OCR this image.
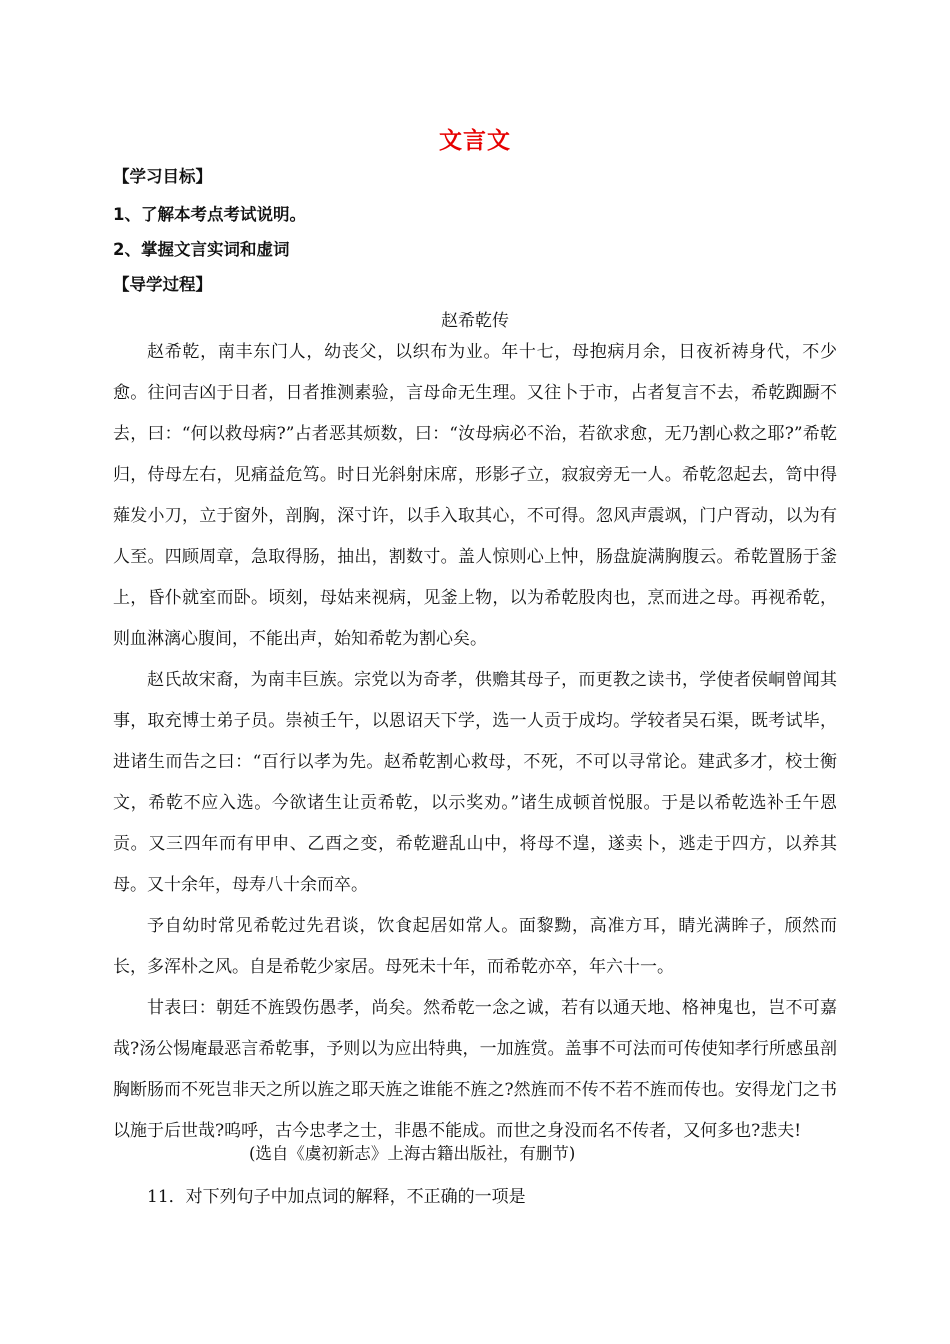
文言文
【学习目标】
1、了解本考点考试说明。
2、掌握文言实词和虚词
【导学过程】
赵希乾传

赵希乾，南丰东门人，幼丧父，以织布为业。年十七，母抱病月余，日夜祈祷身代，不少愈。往问吉凶于日者，日者推测素验，言母命无生理。又往卜于市，占者复言不去，希乾踟蹰不去，曰：“何以救母病?”占者恶其烦数，曰：“汝母病必不治，若欲求愈，无乃割心救之耶?”希乾归，侍母左右，见痛益危笃。时日光斜射床席，形影孑立，寂寂旁无一人。希乾忽起去，笥中得薙发小刀，立于窗外，剖胸，深寸许，以手入取其心，不可得。忽风声震飒，门户胥动，以为有人至。四顾周章，急取得肠，抽出，割数寸。盖人惊则心上忡，肠盘旋满胸腹云。希乾置肠于釜上，昏仆就室而卧。顷刻，母姑来视病，见釜上物，以为希乾股肉也，烹而进之母。再视希乾，则血淋漓心腹间，不能出声，始知希乾为割心矣。

赵氏故宋裔，为南丰巨族。宗党以为奇孝，供赡其母子，而更教之读书，学使者侯峒曾闻其事，取充博士弟子员。崇祯壬午，以恩诏天下学，选一人贡于成均。学较者吴石渠，既考试毕，进诸生而告之曰：“百行以孝为先。赵希乾割心救母，不死，不可以寻常论。建武多才，校士衡文，希乾不应入选。今欲诸生让贡希乾，以示奖劝。”诸生成顿首悦服。于是以希乾选补壬午恩贡。又三四年而有甲申、乙酉之变，希乾避乱山中，将母不遑，遂卖卜，逃走于四方，以养其母。又十余年，母寿八十余而卒。

予自幼时常见希乾过先君谈，饮食起居如常人。面黎黝，高准方耳，睛光满眸子，颀然而长，多浑朴之风。自是希乾少家居。母死未十年，而希乾亦卒，年六十一。

甘表曰：朝廷不旌毁伤愚孝，尚矣。然希乾一念之诚，若有以通天地、格神鬼也，岂不可嘉哉?汤公惕庵最恶言希乾事，予则以为应出特典，一加旌赏。盖事不可法而可传使知孝行所感虽剖胸断肠而不死岂非天之所以旌之耶天旌之谁能不旌之?然旌而不传不若不旌而传也。安得龙门之书以施于后世哉?呜呼，古今忠孝之士，非愚不能成。而世之身没而名不传者，又何多也?悲夫!

(选自《虞初新志》上海古籍出版社，有删节)
11．对下列句子中加点词的解释，不正确的一项是
